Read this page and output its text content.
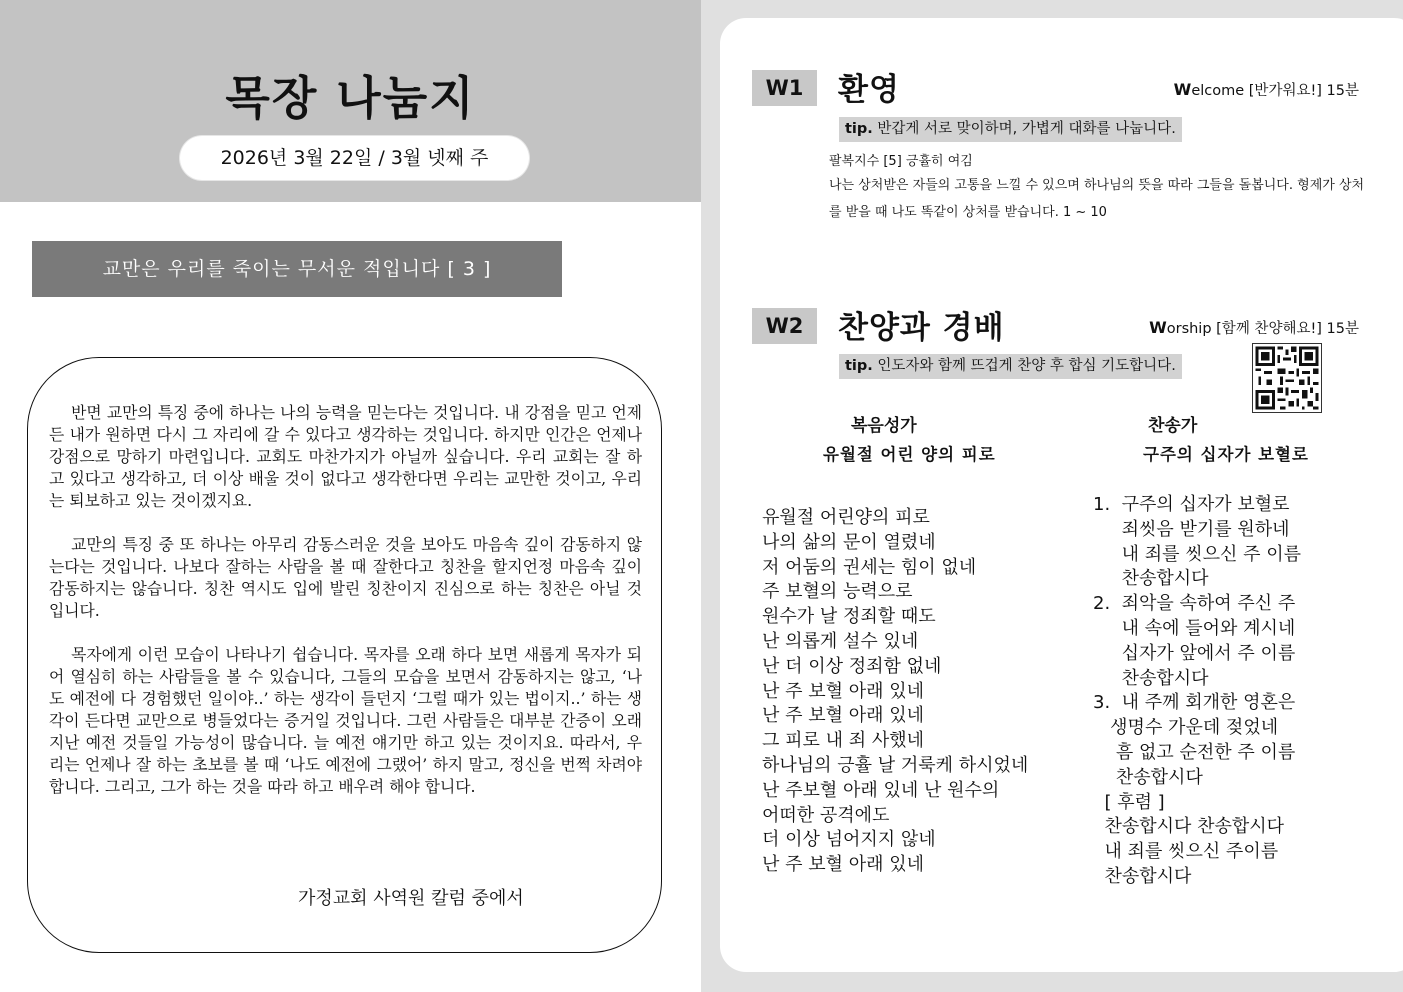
목장 나눔지
2026년 3월 22일 / 3월 넷째 주
교만은 우리를 죽이는 무서운 적입니다 [ 3 ]

반면 교만의 특징 중에 하나는 나의 능력을 믿는다는 것입니다. 내 강점을 믿고 언제든 내가 원하면 다시 그 자리에 갈 수 있다고 생각하는 것입니다. 하지만 인간은 언제나 강점으로 망하기 마련입니다. 교회도 마찬가지가 아닐까 싶습니다. 우리 교회는 잘 하고 있다고 생각하고, 더 이상 배울 것이 없다고 생각한다면 우리는 교만한 것이고, 우리는 퇴보하고 있는 것이겠지요.

교만의 특징 중 또 하나는 아무리 감동스러운 것을 보아도 마음속 깊이 감동하지 않는다는 것입니다. 나보다 잘하는 사람을 볼 때 잘한다고 칭찬을 할지언정 마음속 깊이 감동하지는 않습니다. 칭찬 역시도 입에 발린 칭찬이지 진심으로 하는 칭찬은 아닐 것입니다.

목자에게 이런 모습이 나타나기 쉽습니다. 목자를 오래 하다 보면 새롭게 목자가 되어 열심히 하는 사람들을 볼 수 있습니다, 그들의 모습을 보면서 감동하지는 않고, ‘나도 예전에 다 경험했던 일이야..’ 하는 생각이 들던지 ‘그럴 때가 있는 법이지..’ 하는 생각이 든다면 교만으로 병들었다는 증거일 것입니다. 그런 사람들은 대부분 간증이 오래 지난 예전 것들일 가능성이 많습니다. 늘 예전 얘기만 하고 있는 것이지요. 따라서, 우리는 언제나 잘 하는 초보를 볼 때 ‘나도 예전에 그랬어’ 하지 말고, 정신을 번쩍 차려야 합니다. 그리고, 그가 하는 것을 따라 하고 배우려 해야 합니다.

가정교회 사역원 칼럼 중에서
W1	환영	Welcome [반가워요!] 15분
tip. 반갑게 서로 맞이하며, 가볍게 대화를 나눕니다.
팔복지수 [5] 긍휼히 여김
나는 상처받은 자들의 고통을 느낄 수 있으며 하나님의 뜻을 따라 그들을 돌봅니다. 형제가 상처를 받을 때 나도 똑같이 상처를 받습니다. 1 ~ 10
W2	찬양과 경배	Worship [함께 찬양해요!] 15분
tip. 인도자와 함께 뜨겁게 찬양 후 합심 기도합니다.
복음성가
유월절 어린 양의 피로
유월절 어린양의 피로
나의 삶의 문이 열렸네
저 어둠의 권세는 힘이 없네
주 보혈의 능력으로
원수가 날 정죄할 때도
난 의롭게 설수 있네
난 더 이상 정죄함 없네
난 주 보혈 아래 있네
난 주 보혈 아래 있네
그 피로 내 죄 사했네
하나님의 긍휼 날 거룩케 하시었네
난 주보혈 아래 있네 난 원수의
어떠한 공격에도
더 이상 넘어지지 않네
난 주 보혈 아래 있네
찬송가
구주의 십자가 보혈로
1.  구주의 십자가 보혈로
죄씻음 받기를 원하네
내 죄를 씻으신 주 이름
찬송합시다
2.  죄악을 속하여 주신 주
내 속에 들어와 계시네
십자가 앞에서 주 이름
찬송합시다
3.  내 주께 회개한 영혼은
생명수 가운데 젖었네
흠 없고 순전한 주 이름
찬송합시다
[ 후렴 ]
찬송합시다 찬송합시다
내 죄를 씻으신 주이름
찬송합시다
